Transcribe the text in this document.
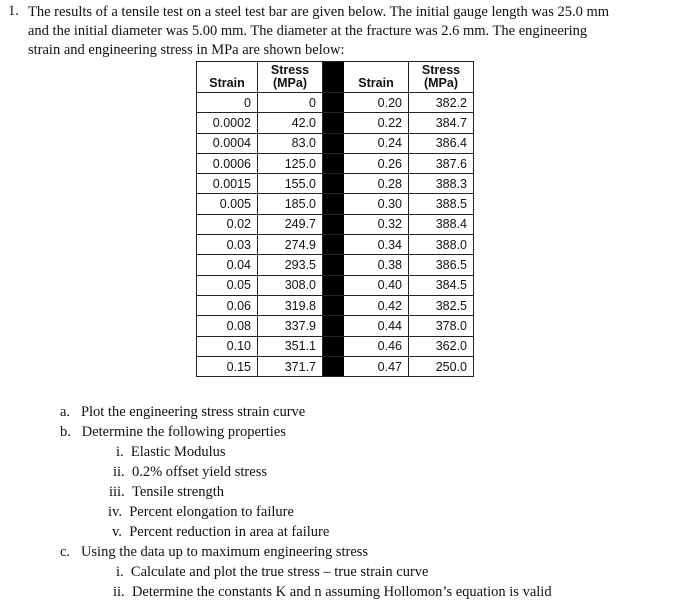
1. The results of a tensile test on a steel test bar are given below. The initial gauge length was 25.0 mm
and the initial diameter was 5.00 mm. The diameter at the fracture was 2.6 mm. The engineering
strain and engineering stress in MPa are shown below:
Strain	Stress
(MPa)		Strain	Stress
(MPa)
0	0		0.20	382.2
0.0002	42.0		0.22	384.7
0.0004	83.0		0.24	386.4
0.0006	125.0		0.26	387.6
0.0015	155.0		0.28	388.3
0.005	185.0		0.30	388.5
0.02	249.7		0.32	388.4
0.03	274.9		0.34	388.0
0.04	293.5		0.38	386.5
0.05	308.0		0.40	384.5
0.06	319.8		0.42	382.5
0.08	337.9		0.44	378.0
0.10	351.1		0.46	362.0
0.15	371.7		0.47	250.0
a. Plot the engineering stress strain curve
b. Determine the following properties
i. Elastic Modulus
ii. 0.2% offset yield stress
iii. Tensile strength
iv. Percent elongation to failure
v. Percent reduction in area at failure
c. Using the data up to maximum engineering stress
i. Calculate and plot the true stress – true strain curve
ii. Determine the constants K and n assuming Hollomon’s equation is valid
